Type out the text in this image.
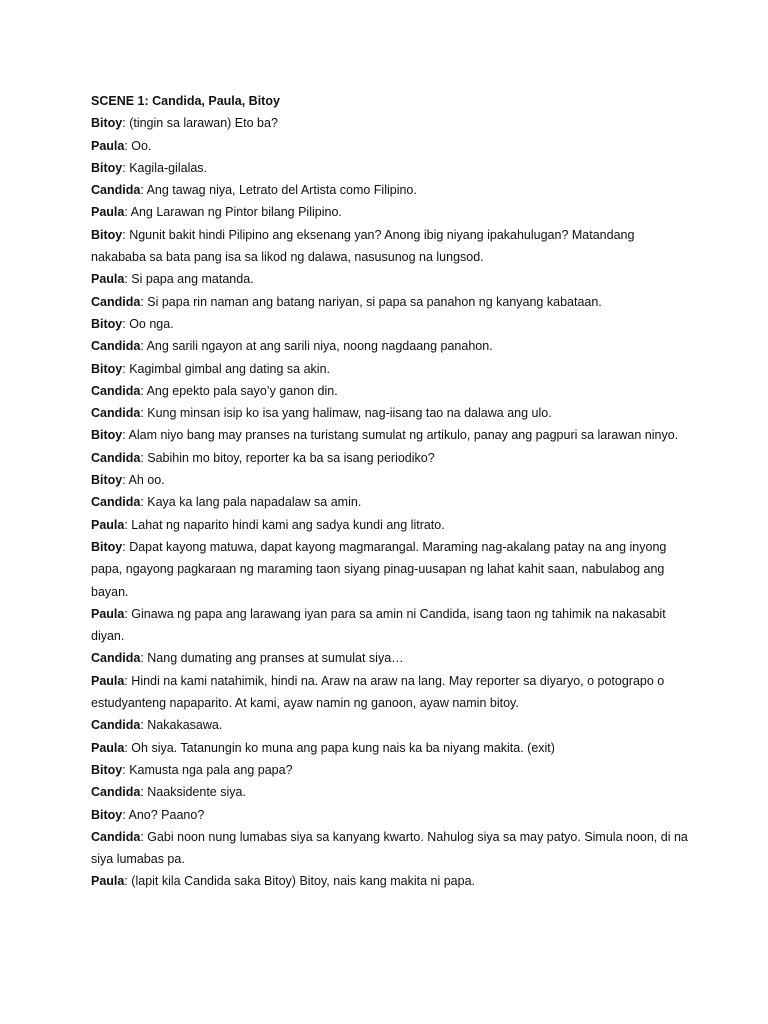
SCENE 1: Candida, Paula, Bitoy

Bitoy: (tingin sa larawan) Eto ba?

Paula: Oo.

Bitoy: Kagila-gilalas.

Candida: Ang tawag niya, Letrato del Artista como Filipino.

Paula: Ang Larawan ng Pintor bilang Pilipino.

Bitoy: Ngunit bakit hindi Pilipino ang eksenang yan? Anong ibig niyang ipakahulugan? Matandang nakababa sa bata pang isa sa likod ng dalawa, nasusunog na lungsod.

Paula: Si papa ang matanda.

Candida: Si papa rin naman ang batang nariyan, si papa sa panahon ng kanyang kabataan.

Bitoy: Oo nga.

Candida: Ang sarili ngayon at ang sarili niya, noong nagdaang panahon.

Bitoy: Kagimbal gimbal ang dating sa akin.

Candida: Ang epekto pala sayo’y ganon din.

Candida: Kung minsan isip ko isa yang halimaw, nag-iisang tao na dalawa ang ulo.

Bitoy: Alam niyo bang may pranses na turistang sumulat ng artikulo, panay ang pagpuri sa larawan ninyo.

Candida: Sabihin mo bitoy, reporter ka ba sa isang periodiko?

Bitoy: Ah oo.

Candida: Kaya ka lang pala napadalaw sa amin.

Paula: Lahat ng naparito hindi kami ang sadya kundi ang litrato.

Bitoy: Dapat kayong matuwa, dapat kayong magmarangal. Maraming nag-akalang patay na ang inyong papa, ngayong pagkaraan ng maraming taon siyang pinag-uusapan ng lahat kahit saan, nabulabog ang bayan.

Paula: Ginawa ng papa ang larawang iyan para sa amin ni Candida, isang taon ng tahimik na nakasabit diyan.

Candida: Nang dumating ang pranses at sumulat siya…

Paula: Hindi na kami natahimik, hindi na. Araw na araw na lang. May reporter sa diyaryo, o potograpo o estudyanteng napaparito. At kami, ayaw namin ng ganoon, ayaw namin bitoy.

Candida: Nakakasawa.

Paula: Oh siya. Tatanungin ko muna ang papa kung nais ka ba niyang makita. (exit)

Bitoy: Kamusta nga pala ang papa?

Candida: Naaksidente siya.

Bitoy: Ano? Paano?

Candida: Gabi noon nung lumabas siya sa kanyang kwarto. Nahulog siya sa may patyo. Simula noon, di na siya lumabas pa.

Paula: (lapit kila Candida saka Bitoy) Bitoy, nais kang makita ni papa.
